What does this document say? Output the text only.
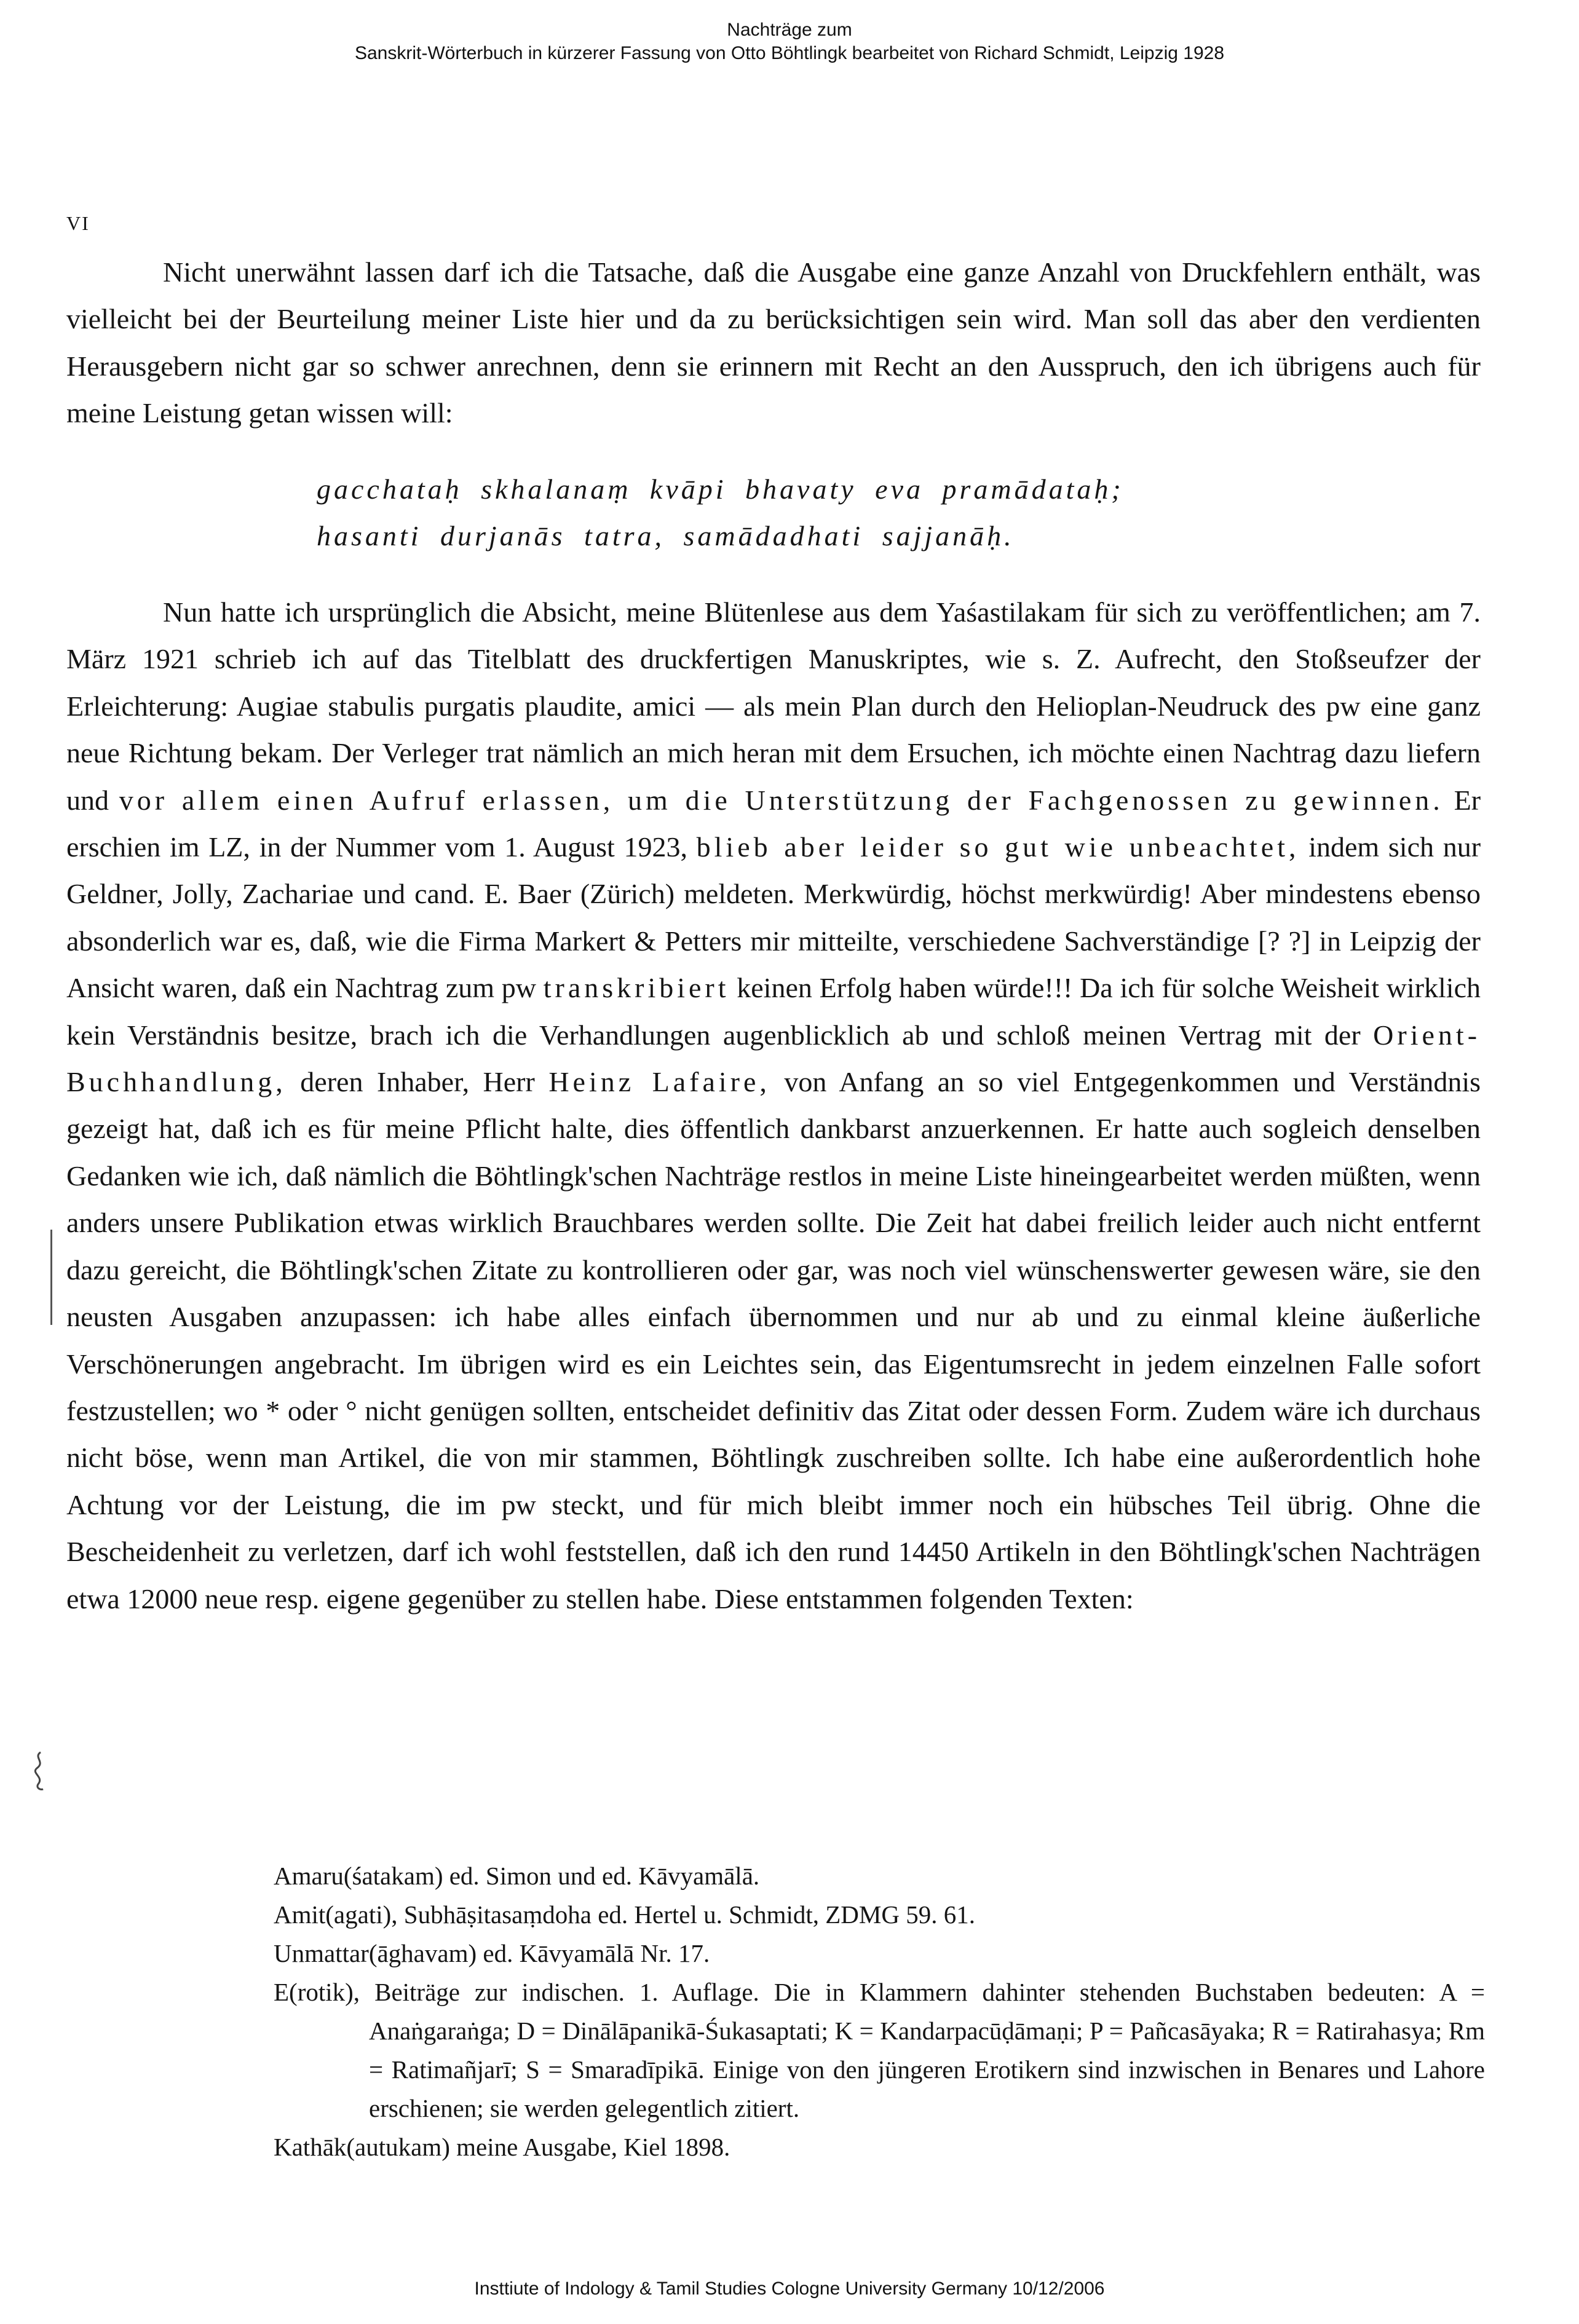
Nachträge zum
Sanskrit-Wörterbuch in kürzerer Fassung von Otto Böhtlingk bearbeitet von Richard Schmidt, Leipzig 1928
VI

Nicht unerwähnt lassen darf ich die Tatsache, daß die Ausgabe eine ganze Anzahl von Druckfehlern enthält, was vielleicht bei der Beurteilung meiner Liste hier und da zu berücksichtigen sein wird. Man soll das aber den verdienten Herausgebern nicht gar so schwer anrechnen, denn sie erinnern mit Recht an den Ausspruch, den ich übrigens auch für meine Leistung getan wissen will:

gacchataḥ skhalanaṃ kvāpi bhavaty eva pramādataḥ;
hasanti durjanās tatra, samādadhati sajjanāḥ.

Nun hatte ich ursprünglich die Absicht, meine Blütenlese aus dem Yaśastilakam für sich zu veröffentlichen; am 7. März 1921 schrieb ich auf das Titelblatt des druckfertigen Manuskriptes, wie s. Z. Aufrecht, den Stoßseufzer der Erleichterung: Augiae stabulis purgatis plaudite, amici — als mein Plan durch den Helioplan-Neudruck des pw eine ganz neue Richtung bekam. Der Verleger trat nämlich an mich heran mit dem Ersuchen, ich möchte einen Nachtrag dazu liefern und vor allem einen Aufruf erlassen, um die Unterstützung der Fachgenossen zu gewinnen. Er erschien im LZ, in der Nummer vom 1. August 1923, blieb aber leider so gut wie unbeachtet, indem sich nur Geldner, Jolly, Zachariae und cand. E. Baer (Zürich) meldeten. Merkwürdig, höchst merkwürdig! Aber mindestens ebenso absonderlich war es, daß, wie die Firma Markert & Petters mir mitteilte, verschiedene Sachverständige [? ?] in Leipzig der Ansicht waren, daß ein Nachtrag zum pw transkribiert keinen Erfolg haben würde!!! Da ich für solche Weisheit wirklich kein Verständnis besitze, brach ich die Verhandlungen augenblicklich ab und schloß meinen Vertrag mit der Orient-Buchhandlung, deren Inhaber, Herr Heinz Lafaire, von Anfang an so viel Entgegenkommen und Verständnis gezeigt hat, daß ich es für meine Pflicht halte, dies öffentlich dankbarst anzuerkennen. Er hatte auch sogleich denselben Gedanken wie ich, daß nämlich die Böhtlingk'schen Nachträge restlos in meine Liste hineingearbeitet werden müßten, wenn anders unsere Publikation etwas wirklich Brauchbares werden sollte. Die Zeit hat dabei freilich leider auch nicht entfernt dazu gereicht, die Böhtlingk'schen Zitate zu kontrollieren oder gar, was noch viel wünschenswerter gewesen wäre, sie den neusten Ausgaben anzupassen: ich habe alles einfach übernommen und nur ab und zu einmal kleine äußerliche Verschönerungen angebracht. Im übrigen wird es ein Leichtes sein, das Eigentumsrecht in jedem einzelnen Falle sofort festzustellen; wo * oder ° nicht genügen sollten, entscheidet definitiv das Zitat oder dessen Form. Zudem wäre ich durchaus nicht böse, wenn man Artikel, die von mir stammen, Böhtlingk zuschreiben sollte. Ich habe eine außerordentlich hohe Achtung vor der Leistung, die im pw steckt, und für mich bleibt immer noch ein hübsches Teil übrig. Ohne die Bescheidenheit zu verletzen, darf ich wohl feststellen, daß ich den rund 14450 Artikeln in den Böhtlingk'schen Nachträgen etwa 12000 neue resp. eigene gegenüber zu stellen habe. Diese entstammen folgenden Texten:

Amaru(śatakam) ed. Simon und ed. Kāvyamālā.
Amit(agati), Subhāṣitasaṃdoha ed. Hertel u. Schmidt, ZDMG 59. 61.
Unmattar(āghavam) ed. Kāvyamālā Nr. 17.
E(rotik), Beiträge zur indischen. 1. Auflage. Die in Klammern dahinter stehenden Buchstaben bedeuten: A = Anaṅgaraṅga; D = Dinālāpanikā-Śukasaptati; K = Kandarpacūḍāmaṇi; P = Pañcasāyaka; R = Ratirahasya; Rm = Ratimañjarī; S = Smaradīpikā. Einige von den jüngeren Erotikern sind inzwischen in Benares und Lahore erschienen; sie werden gelegentlich zitiert.
Kathāk(autukam) meine Ausgabe, Kiel 1898.
Insttiute of Indology & Tamil Studies Cologne University Germany 10/12/2006
